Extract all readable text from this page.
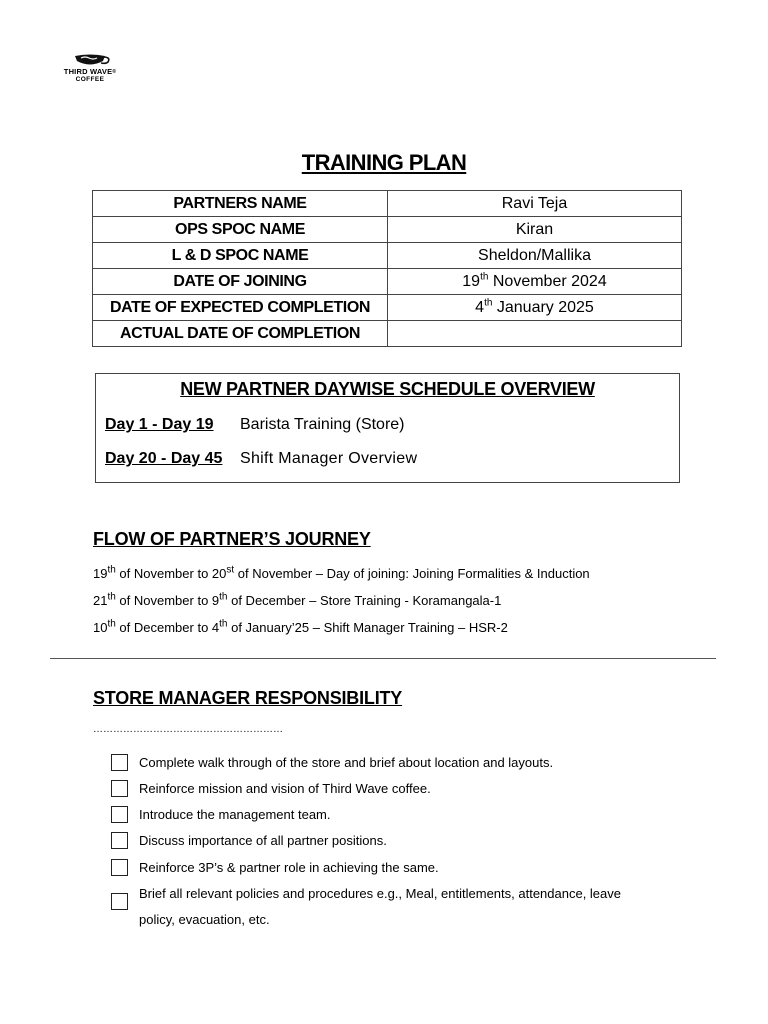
THIRD WAVE®
COFFEE
TRAINING PLAN
PARTNERS NAME	Ravi Teja
OPS SPOC NAME	Kiran
L & D SPOC NAME	Sheldon/Mallika
DATE OF JOINING	19th November 2024
DATE OF EXPECTED COMPLETION	4th January 2025
ACTUAL DATE OF COMPLETION	
NEW PARTNER DAYWISE SCHEDULE OVERVIEW
Day 1 - Day 19 Barista Training (Store)
Day 20 - Day 45 Shift Manager Overview
FLOW OF PARTNER’S JOURNEY
19th of November to 20st of November – Day of joining: Joining Formalities & Induction
21th of November to 9th of December – Store Training - Koramangala-1
10th of December to 4th of January’25 – Shift Manager Training – HSR-2
STORE MANAGER RESPONSIBILITY
…………………………………………………
Complete walk through of the store and brief about location and layouts.
Reinforce mission and vision of Third Wave coffee.
Introduce the management team.
Discuss importance of all partner positions.
Reinforce 3P’s & partner role in achieving the same.
Brief all relevant policies and procedures e.g., Meal, entitlements, attendance, leave
policy, evacuation, etc.
